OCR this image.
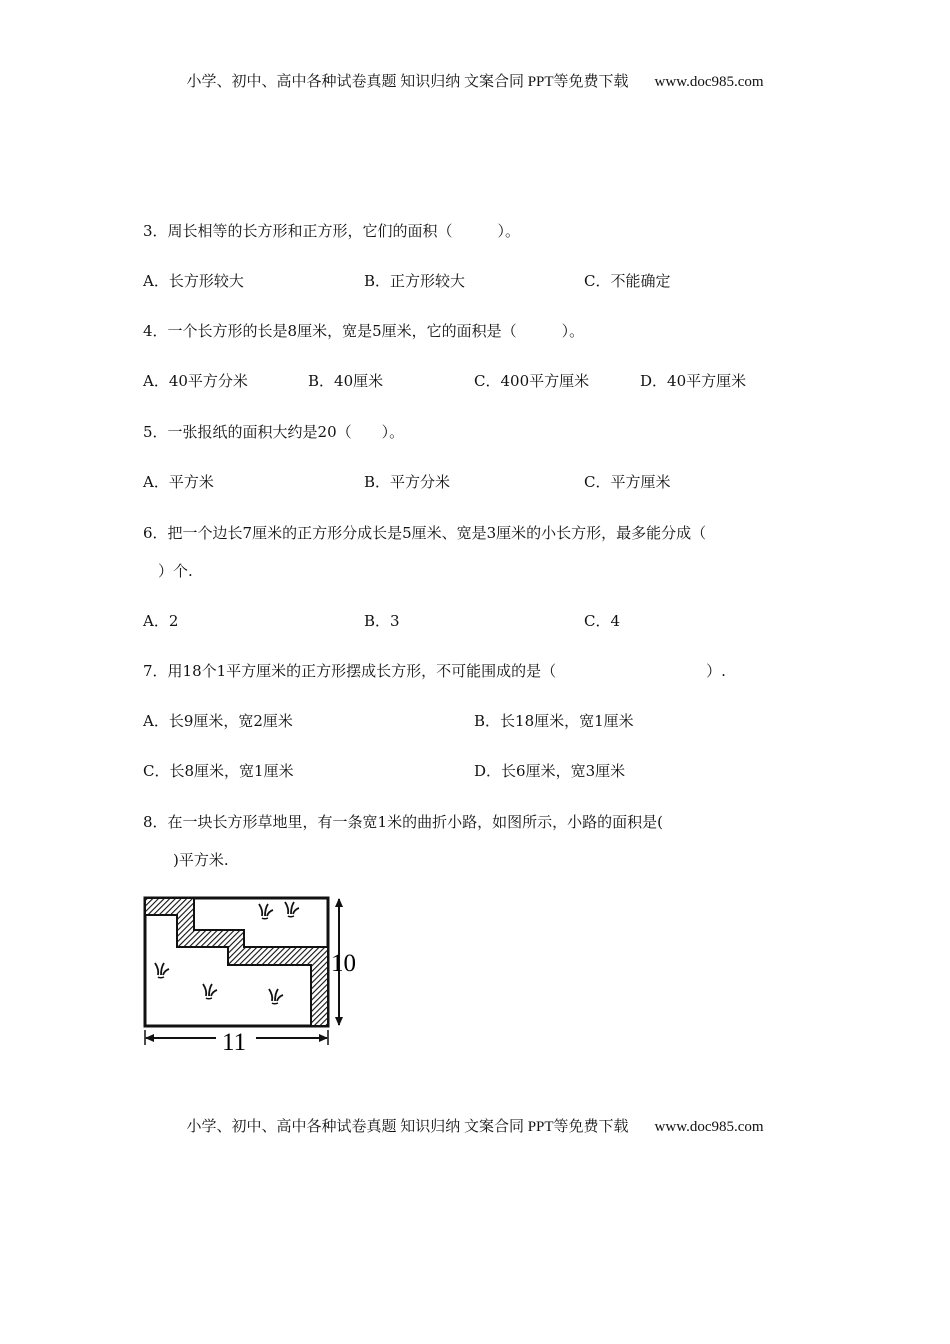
小学、初中、高中各种试卷真题 知识归纳 文案合同 PPT等免费下载 www.doc985.com
3．周长相等的长方形和正方形，它们的面积（　　　）。
A．长方形较大	B．正方形较大	C．不能确定
4．一个长方形的长是8厘米，宽是5厘米，它的面积是（　　　）。
A．40平方分米	B．40厘米	C．400平方厘米	D．40平方厘米
5．一张报纸的面积大约是20（　　）。
A．平方米	B．平方分米	C．平方厘米
6．把一个边长7厘米的正方形分成长是5厘米、宽是3厘米的小长方形，最多能分成（
）个.
A．2	B．3	C．4
7．用18个1平方厘米的正方形摆成长方形，不可能围成的是（　　　　　　　　　　）.
A．长9厘米，宽2厘米	B．长18厘米，宽1厘米
C．长8厘米，宽1厘米	D．长6厘米，宽3厘米
8．在一块长方形草地里，有一条宽1米的曲折小路，如图所示，小路的面积是(
　)平方米.
10
11
小学、初中、高中各种试卷真题 知识归纳 文案合同 PPT等免费下载 www.doc985.com
